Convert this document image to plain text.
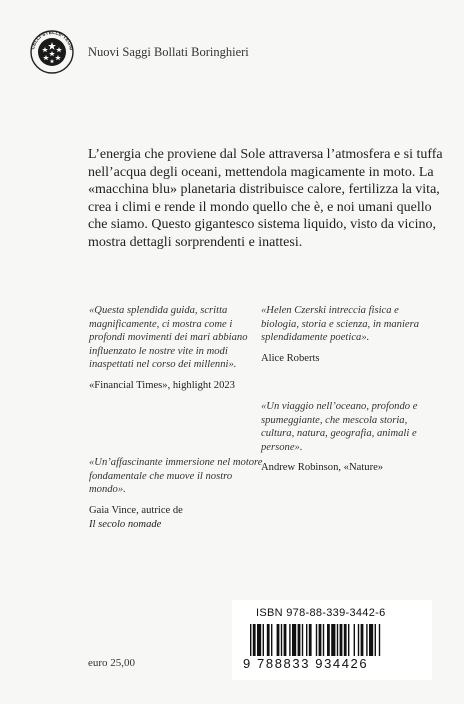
CELLI·STELLE·TEGNI Nuovi Saggi Bollati Boringhieri

L’energia che proviene dal Sole attraversa l’atmosfera e si tuffa nell’acqua degli oceani, mettendola magicamente in moto. La «macchina blu» planetaria distribuisce calore, fertilizza la vita, crea i climi e rende il mondo quello che è, e noi umani quello che siamo. Questo gigantesco sistema liquido, visto da vicino, mostra dettagli sorprendenti e inattesi.

«Questa splendida guida, scritta magnificamente, ci mostra come i profondi movimenti dei mari abbiano influenzato le nostre vite in modi inaspettati nel corso dei millenni».

«Financial Times», highlight 2023

«Un’affascinante immersione nel motore fondamentale che muove il nostro mondo».

Gaia Vince, autrice de
Il secolo nomade

«Helen Czerski intreccia fisica e biologia, storia e scienza, in maniera splendidamente poetica».

Alice Roberts

«Un viaggio nell’oceano, profondo e spumeggiante, che mescola storia, cultura, natura, geografia, animali e persone».

Andrew Robinson, «Nature»

euro 25,00
ISBN 978-88-339-3442-6
9 788833 934426
